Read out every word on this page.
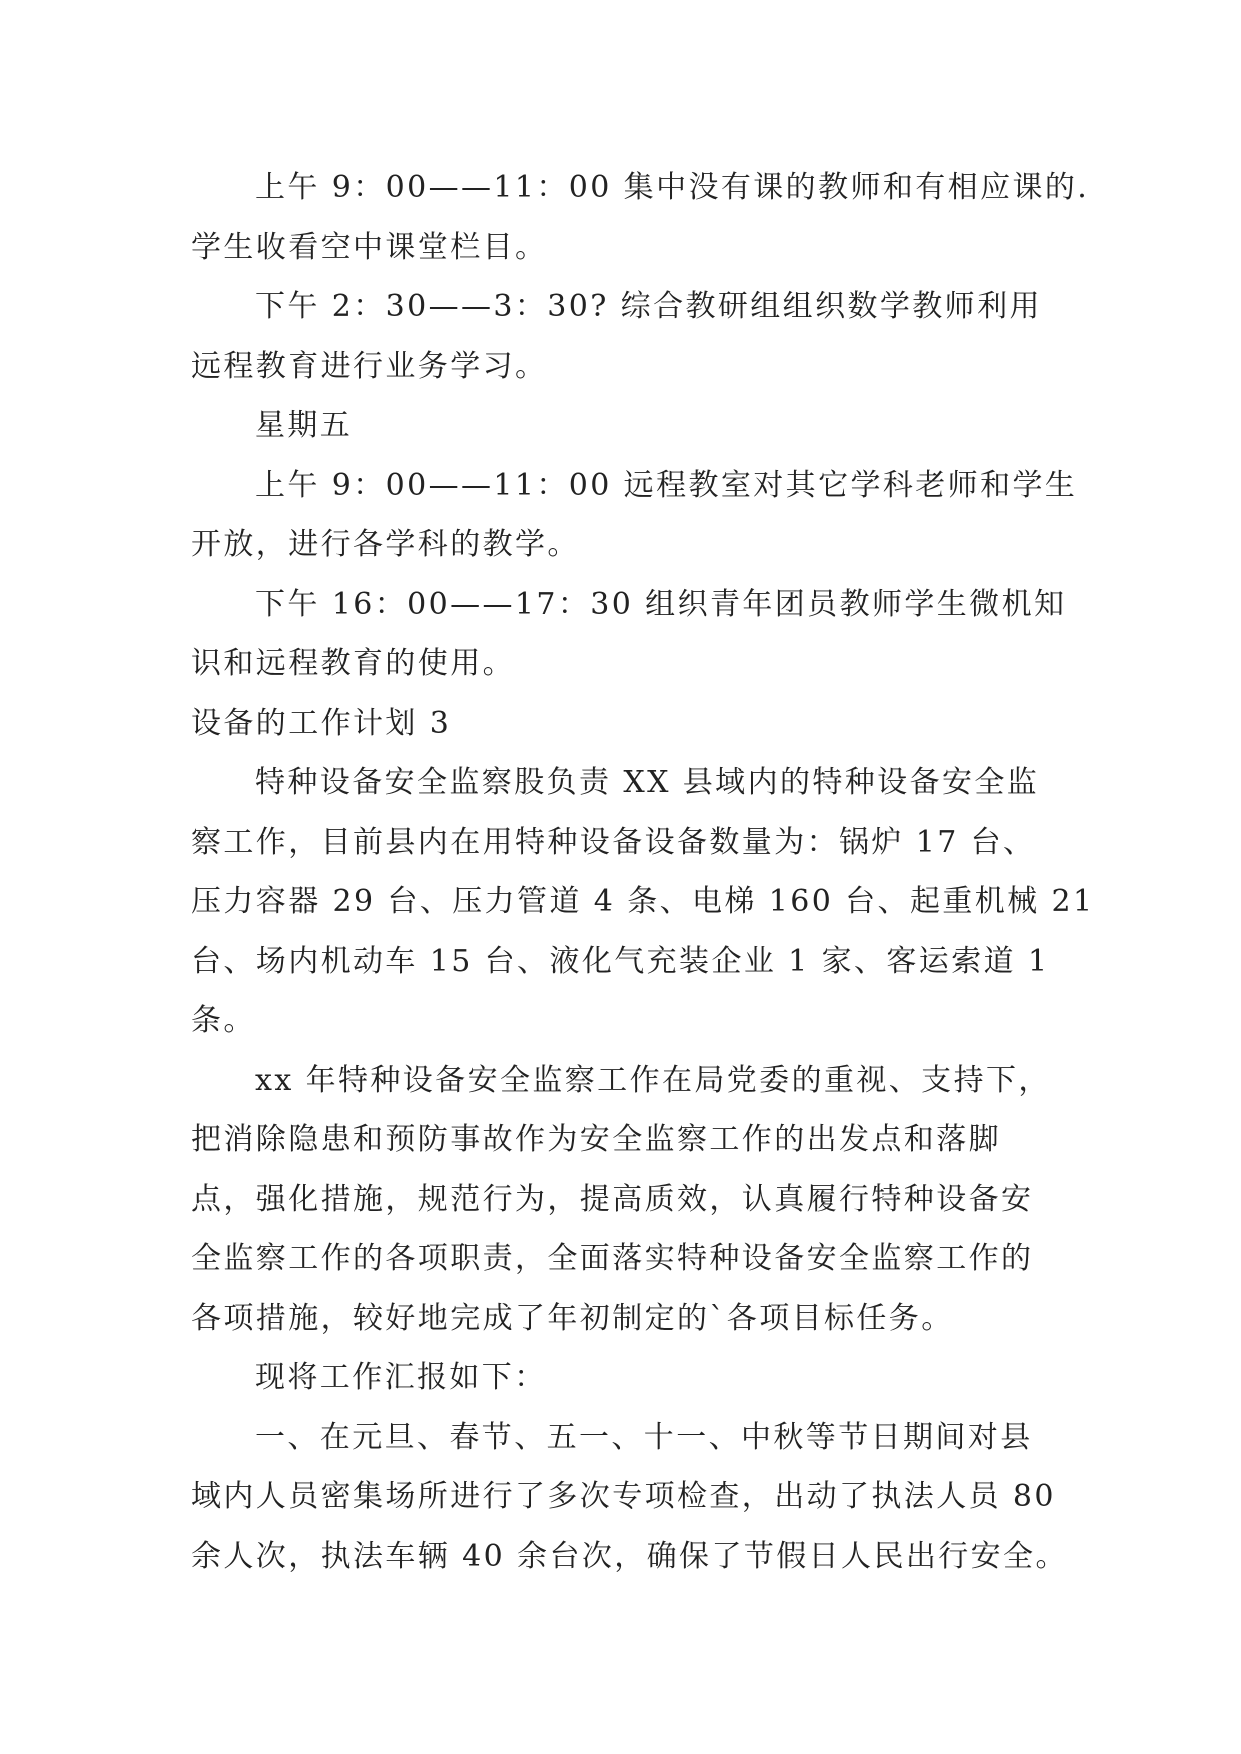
上午 9：00——11：00 集中没有课的教师和有相应课的.
学生收看空中课堂栏目。
下午 2：30——3：30? 综合教研组组织数学教师利用
远程教育进行业务学习。
星期五
上午 9：00——11：00 远程教室对其它学科老师和学生
开放，进行各学科的教学。
下午 16：00——17：30 组织青年团员教师学生微机知
识和远程教育的使用。
设备的工作计划 3
特种设备安全监察股负责 XX 县域内的特种设备安全监
察工作，目前县内在用特种设备设备数量为：锅炉 17 台、
压力容器 29 台、压力管道 4 条、电梯 160 台、起重机械 21
台、场内机动车 15 台、液化气充装企业 1 家、客运索道 1
条。
xx 年特种设备安全监察工作在局党委的重视、支持下，
把消除隐患和预防事故作为安全监察工作的出发点和落脚
点，强化措施，规范行为，提高质效，认真履行特种设备安
全监察工作的各项职责，全面落实特种设备安全监察工作的
各项措施，较好地完成了年初制定的`各项目标任务。
现将工作汇报如下：
一、在元旦、春节、五一、十一、中秋等节日期间对县
域内人员密集场所进行了多次专项检查，出动了执法人员 80
余人次，执法车辆 40 余台次，确保了节假日人民出行安全。
